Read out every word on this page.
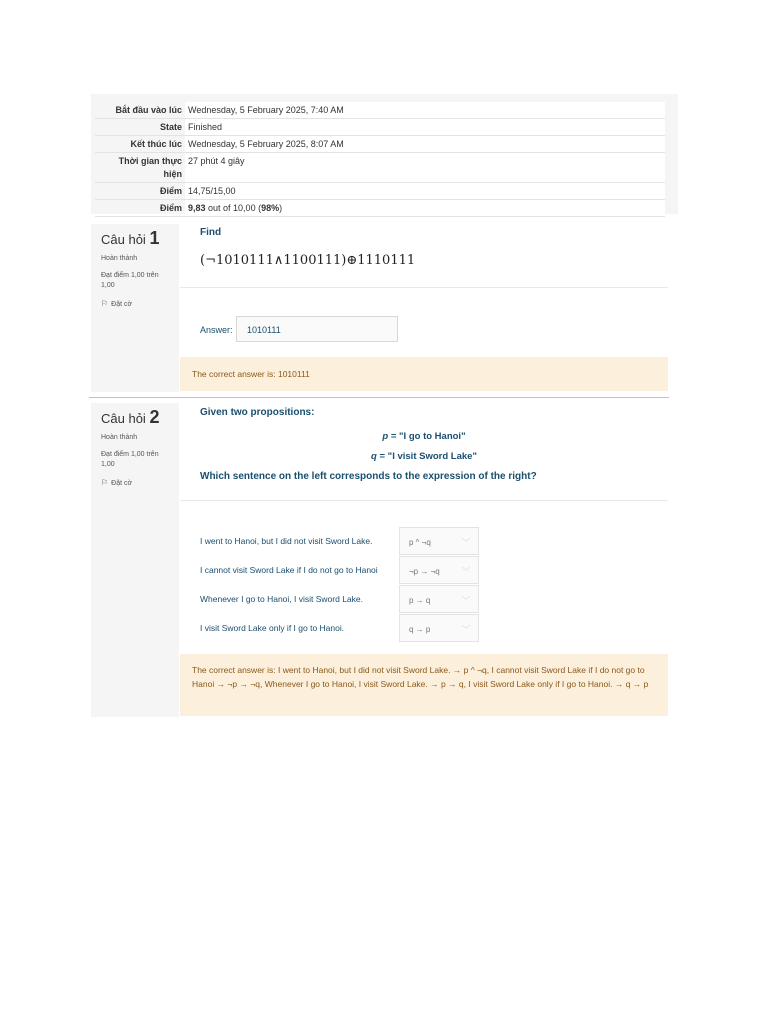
Bắt đầu vào lúc	Wednesday, 5 February 2025, 7:40 AM
State	Finished
Kết thúc lúc	Wednesday, 5 February 2025, 8:07 AM
Thời gian thực hiện	27 phút 4 giây
Điểm	14,75/15,00
Điểm	9,83 out of 10,00 (98%)
Câu hỏi 1
Hoàn thành
Đạt điểm 1,00 trên 1,00
⚐ Đặt cờ
Find
(¬1010111∧1100111)⊕1110111
Answer:	1010111
The correct answer is: 1010111
Câu hỏi 2
Hoàn thành
Đạt điểm 1,00 trên 1,00
⚐ Đặt cờ
Given two propositions:
p = "I go to Hanoi"
q = "I visit Sword Lake"
Which sentence on the left corresponds to the expression of the right?
I went to Hanoi, but I did not visit Sword Lake.	p ^ ¬q	﹀
I cannot visit Sword Lake if I do not go to Hanoi	¬p → ¬q	﹀
Whenever I go to Hanoi, I visit Sword Lake.	p → q	﹀
I visit Sword Lake only if I go to Hanoi.	q → p	﹀
The correct answer is: I went to Hanoi, but I did not visit Sword Lake. → p ^ ¬q, I cannot visit Sword Lake if I do not go to Hanoi → ¬p → ¬q, Whenever I go to Hanoi, I visit Sword Lake. → p → q, I visit Sword Lake only if I go to Hanoi. → q → p
